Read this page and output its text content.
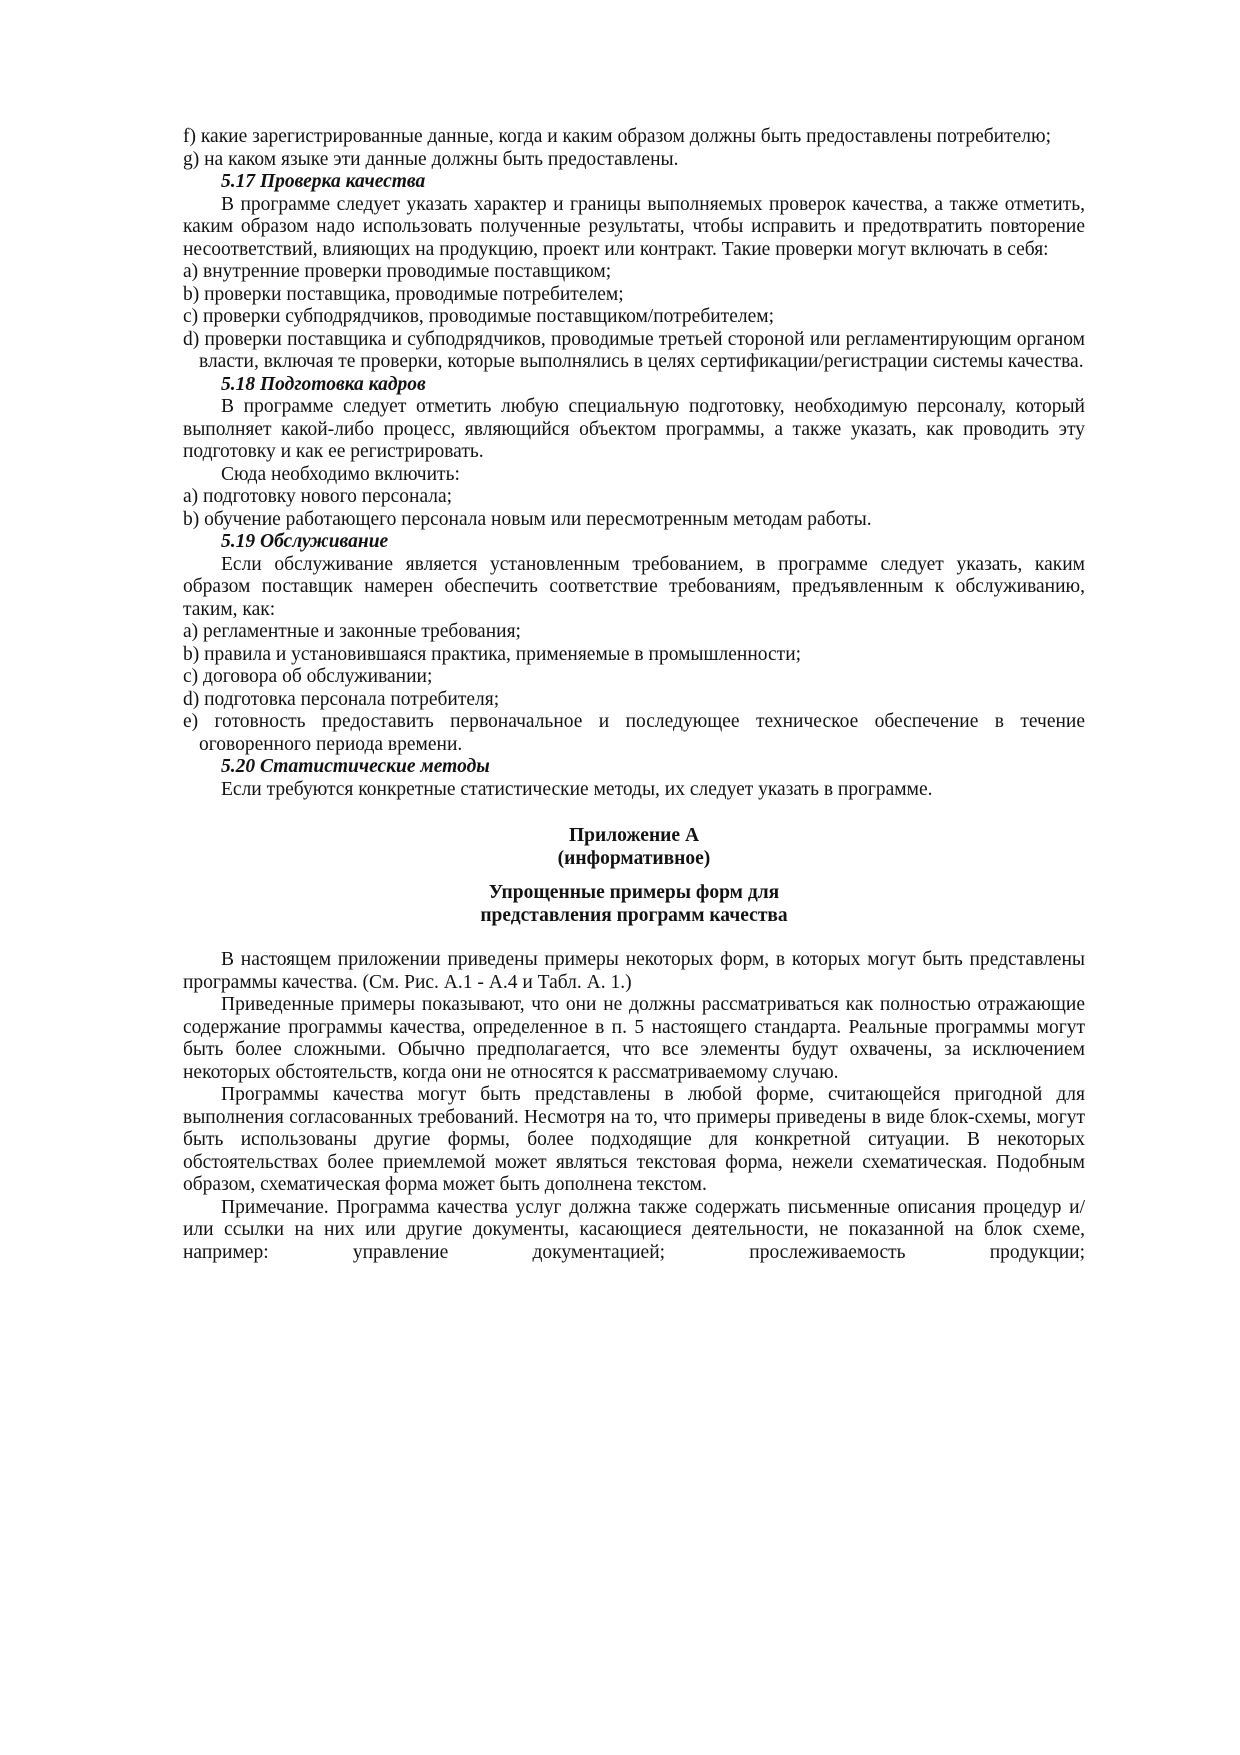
f) какие зарегистрированные данные, когда и каким образом должны быть предоставлены потребителю;

g) на каком языке эти данные должны быть предоставлены.

5.17 Проверка качества

В программе следует указать характер и границы выполняемых проверок качества, а также отметить, каким образом надо использовать полученные результаты, чтобы исправить и предотвратить повторение несоответствий, влияющих на продукцию, проект или контракт. Такие проверки могут включать в себя:

a) внутренние проверки проводимые поставщиком;

b) проверки поставщика, проводимые потребителем;

c) проверки субподрядчиков, проводимые поставщиком/потребителем;

d) проверки поставщика и субподрядчиков, проводимые третьей стороной или регламентирующим органом власти, включая те проверки, которые выполнялись в целях сертификации/регистрации системы качества.

5.18 Подготовка кадров

В программе следует отметить любую специальную подготовку, необходимую персоналу, который выполняет какой-либо процесс, являющийся объектом программы, а также указать, как проводить эту подготовку и как ее регистрировать.

Сюда необходимо включить:

a) подготовку нового персонала;

b) обучение работающего персонала новым или пересмотренным методам работы.

5.19 Обслуживание

Если обслуживание является установленным требованием, в программе следует указать, каким образом поставщик намерен обеспечить соответствие требованиям, предъявленным к обслуживанию, таким, как:

a) регламентные и законные требования;

b) правила и установившаяся практика, применяемые в промышленности;

c) договора об обслуживании;

d) подготовка персонала потребителя;

e) готовность предоставить первоначальное и последующее техническое обеспечение в течение оговоренного периода времени.

5.20 Статистические методы

Если требуются конкретные статистические методы, их следует указать в программе.

Приложение А
(информативное)
Упрощенные примеры форм для
представления программ качества

В настоящем приложении приведены примеры некоторых форм, в которых могут быть представлены программы качества. (См. Рис. А.1 - А.4 и Табл. А. 1.)

Приведенные примеры показывают, что они не должны рассматриваться как полностью отражающие содержание программы качества, определенное в п. 5 настоящего стандарта. Реальные программы могут быть более сложными. Обычно предполагается, что все элементы будут охвачены, за исключением некоторых обстоятельств, когда они не относятся к рассматриваемому случаю.

Программы качества могут быть представлены в любой форме, считающейся пригодной для выполнения согласованных требований. Несмотря на то, что примеры приведены в виде блок-схемы, могут быть использованы другие формы, более подходящие для конкретной ситуации. В некоторых обстоятельствах более приемлемой может являться текстовая форма, нежели схематическая. Подобным образом, схематическая форма может быть дополнена текстом.

Примечание. Программа качества услуг должна также содержать письменные описания процедур и/или ссылки на них или другие документы, касающиеся деятельности, не показанной на блок схеме, например: управление документацией; прослеживаемость продукции;
